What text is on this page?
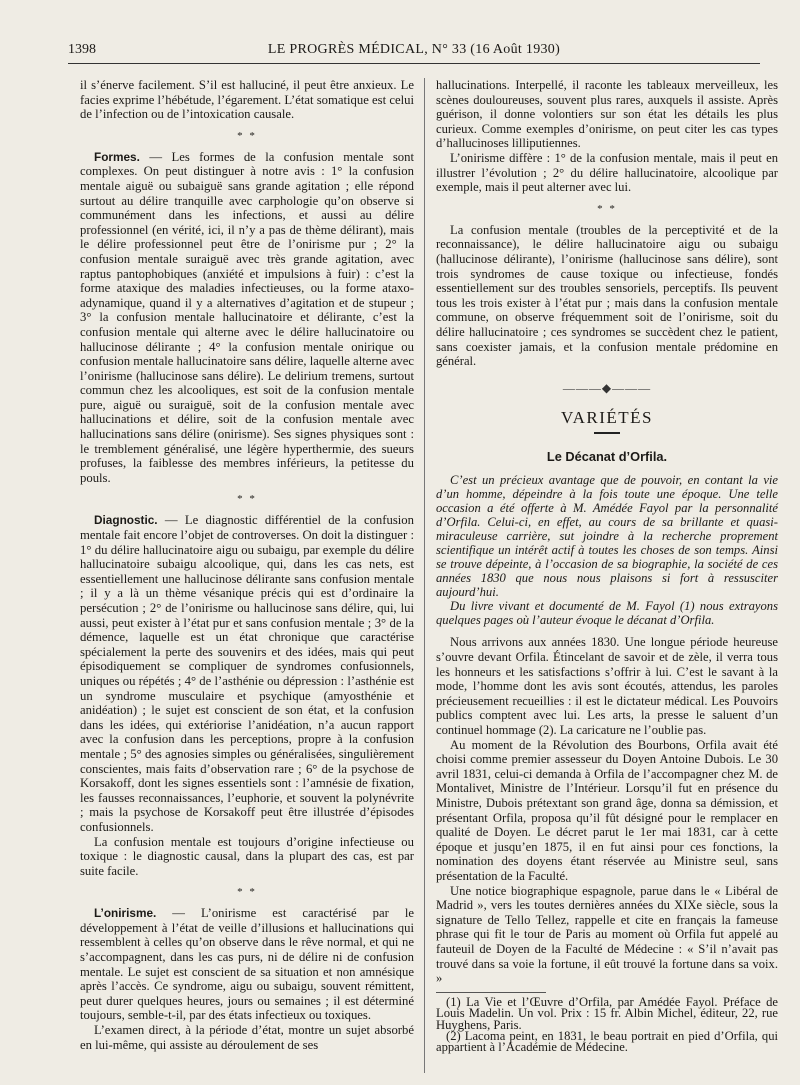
1398	LE PROGRÈS MÉDICAL, N° 33 (16 Août 1930)

il s’énerve facilement. S’il est halluciné, il peut être anxieux. Le facies exprime l’hébétude, l’égarement. L’état somatique est celui de l’infection ou de l’intoxication causale.

* *

Formes. — Les formes de la confusion mentale sont complexes. On peut distinguer à notre avis : 1° la confusion mentale aiguë ou subaiguë sans grande agitation ; elle répond surtout au délire tranquille avec carphologie qu’on observe si communément dans les infections, et aussi au délire professionnel (en vérité, ici, il n’y a pas de thème délirant), mais le délire professionnel peut être de l’onirisme pur ; 2° la confusion mentale suraiguë avec très grande agitation, avec raptus pantophobiques (anxiété et impulsions à fuir) : c’est la forme ataxique des maladies infectieuses, ou la forme ataxo-adynamique, quand il y a alternatives d’agitation et de stupeur ; 3° la confusion mentale hallucinatoire et délirante, c’est la confusion mentale qui alterne avec le délire hallucinatoire ou hallucinose délirante ; 4° la confusion mentale onirique ou confusion mentale hallucinatoire sans délire, laquelle alterne avec l’onirisme (hallucinose sans délire). Le delirium tremens, surtout commun chez les alcooliques, est soit de la confusion mentale pure, aiguë ou suraiguë, soit de la confusion mentale avec hallucinations et délire, soit de la confusion mentale avec hallucinations sans délire (onirisme). Ses signes physiques sont : le tremblement généralisé, une légère hyperthermie, des sueurs profuses, la faiblesse des membres inférieurs, la petitesse du pouls.

* *

Diagnostic. — Le diagnostic différentiel de la confusion mentale fait encore l’objet de controverses. On doit la distinguer : 1° du délire hallucinatoire aigu ou subaigu, par exemple du délire hallucinatoire subaigu alcoolique, qui, dans les cas nets, est essentiellement une hallucinose délirante sans confusion mentale ; il y a là un thème vésanique précis qui est d’ordinaire la persécution ; 2° de l’onirisme ou hallucinose sans délire, qui, lui aussi, peut exister à l’état pur et sans confusion mentale ; 3° de la démence, laquelle est un état chronique que caractérise spécialement la perte des souvenirs et des idées, mais qui peut épisodiquement se compliquer de syndromes confusionnels, uniques ou répétés ; 4° de l’asthénie ou dépression : l’asthénie est un syndrome musculaire et psychique (amyosthénie et anidéation) ; le sujet est conscient de son état, et la confusion dans les idées, qui extériorise l’anidéation, n’a aucun rapport avec la confusion dans les perceptions, propre à la confusion mentale ; 5° des agnosies simples ou généralisées, singulièrement conscientes, mais faits d’observation rare ; 6° de la psychose de Korsakoff, dont les signes essentiels sont : l’amnésie de fixation, les fausses reconnaissances, l’euphorie, et souvent la polynévrite ; mais la psychose de Korsakoff peut être illustrée d’épisodes confusionnels.

La confusion mentale est toujours d’origine infectieuse ou toxique : le diagnostic causal, dans la plupart des cas, est par suite facile.

* *

L’onirisme. — L’onirisme est caractérisé par le développement à l’état de veille d’illusions et hallucinations qui ressemblent à celles qu’on observe dans le rêve normal, et qui ne s’accompagnent, dans les cas purs, ni de délire ni de confusion mentale. Le sujet est conscient de sa situation et non amnésique après l’accès. Ce syndrome, aigu ou subaigu, souvent rémittent, peut durer quelques heures, jours ou semaines ; il est déterminé toujours, semble-t-il, par des états infectieux ou toxiques.

L’examen direct, à la période d’état, montre un sujet absorbé en lui-même, qui assiste au déroulement de ses

hallucinations. Interpellé, il raconte les tableaux merveilleux, les scènes douloureuses, souvent plus rares, auxquels il assiste. Après guérison, il donne volontiers sur son état les détails les plus curieux. Comme exemples d’onirisme, on peut citer les cas types d’hallucinoses lilliputiennes.

L’onirisme diffère : 1° de la confusion mentale, mais il peut en illustrer l’évolution ; 2° du délire hallucinatoire, alcoolique par exemple, mais il peut alterner avec lui.

* *

La confusion mentale (troubles de la perceptivité et de la reconnaissance), le délire hallucinatoire aigu ou subaigu (hallucinose délirante), l’onirisme (hallucinose sans délire), sont trois syndromes de cause toxique ou infectieuse, fondés essentiellement sur des troubles sensoriels, perceptifs. Ils peuvent tous les trois exister à l’état pur ; mais dans la confusion mentale commune, on observe fréquemment soit de l’onirisme, soit du délire hallucinatoire ; ces syndromes se succèdent chez le patient, sans coexister jamais, et la confusion mentale prédomine en général.

———◆———
VARIÉTÉS
Le Décanat d’Orfila.

C’est un précieux avantage que de pouvoir, en contant la vie d’un homme, dépeindre à la fois toute une époque. Une telle occasion a été offerte à M. Amédée Fayol par la personnalité d’Orfila. Celui-ci, en effet, au cours de sa brillante et quasi-miraculeuse carrière, sut joindre à la recherche proprement scientifique un intérêt actif à toutes les choses de son temps. Ainsi se trouve dépeinte, à l’occasion de sa biographie, la société de ces années 1830 que nous nous plaisons si fort à ressusciter aujourd’hui.

Du livre vivant et documenté de M. Fayol (1) nous extrayons quelques pages où l’auteur évoque le décanat d’Orfila.

Nous arrivons aux années 1830. Une longue période heureuse s’ouvre devant Orfila. Étincelant de savoir et de zèle, il verra tous les honneurs et les satisfactions s’offrir à lui. C’est le savant à la mode, l’homme dont les avis sont écoutés, attendus, les paroles précieusement recueillies : il est le dictateur médical. Les Pouvoirs publics comptent avec lui. Les arts, la presse le saluent d’un continuel hommage (2). La caricature ne l’oublie pas.

Au moment de la Révolution des Bourbons, Orfila avait été choisi comme premier assesseur du Doyen Antoine Dubois. Le 30 avril 1831, celui-ci demanda à Orfila de l’accompagner chez M. de Montalivet, Ministre de l’Intérieur. Lorsqu’il fut en présence du Ministre, Dubois prétextant son grand âge, donna sa démission, et présentant Orfila, proposa qu’il fût désigné pour le remplacer en qualité de Doyen. Le décret parut le 1er mai 1831, car à cette époque et jusqu’en 1875, il en fut ainsi pour ces fonctions, la nomination des doyens étant réservée au Ministre seul, sans présentation de la Faculté.

Une notice biographique espagnole, parue dans le « Libéral de Madrid », vers les toutes dernières années du XIXe siècle, sous la signature de Tello Tellez, rappelle et cite en français la fameuse phrase qui fit le tour de Paris au moment où Orfila fut appelé au fauteuil de Doyen de la Faculté de Médecine : « S’il n’avait pas trouvé dans sa voie la fortune, il eût trouvé la fortune dans sa voix. »

(1) La Vie et l’Œuvre d’Orfila, par Amédée Fayol. Préface de Louis Madelin. Un vol. Prix : 15 fr. Albin Michel, éditeur, 22, rue Huyghens, Paris.

(2) Lacoma peint, en 1831, le beau portrait en pied d’Orfila, qui appartient à l’Académie de Médecine.
